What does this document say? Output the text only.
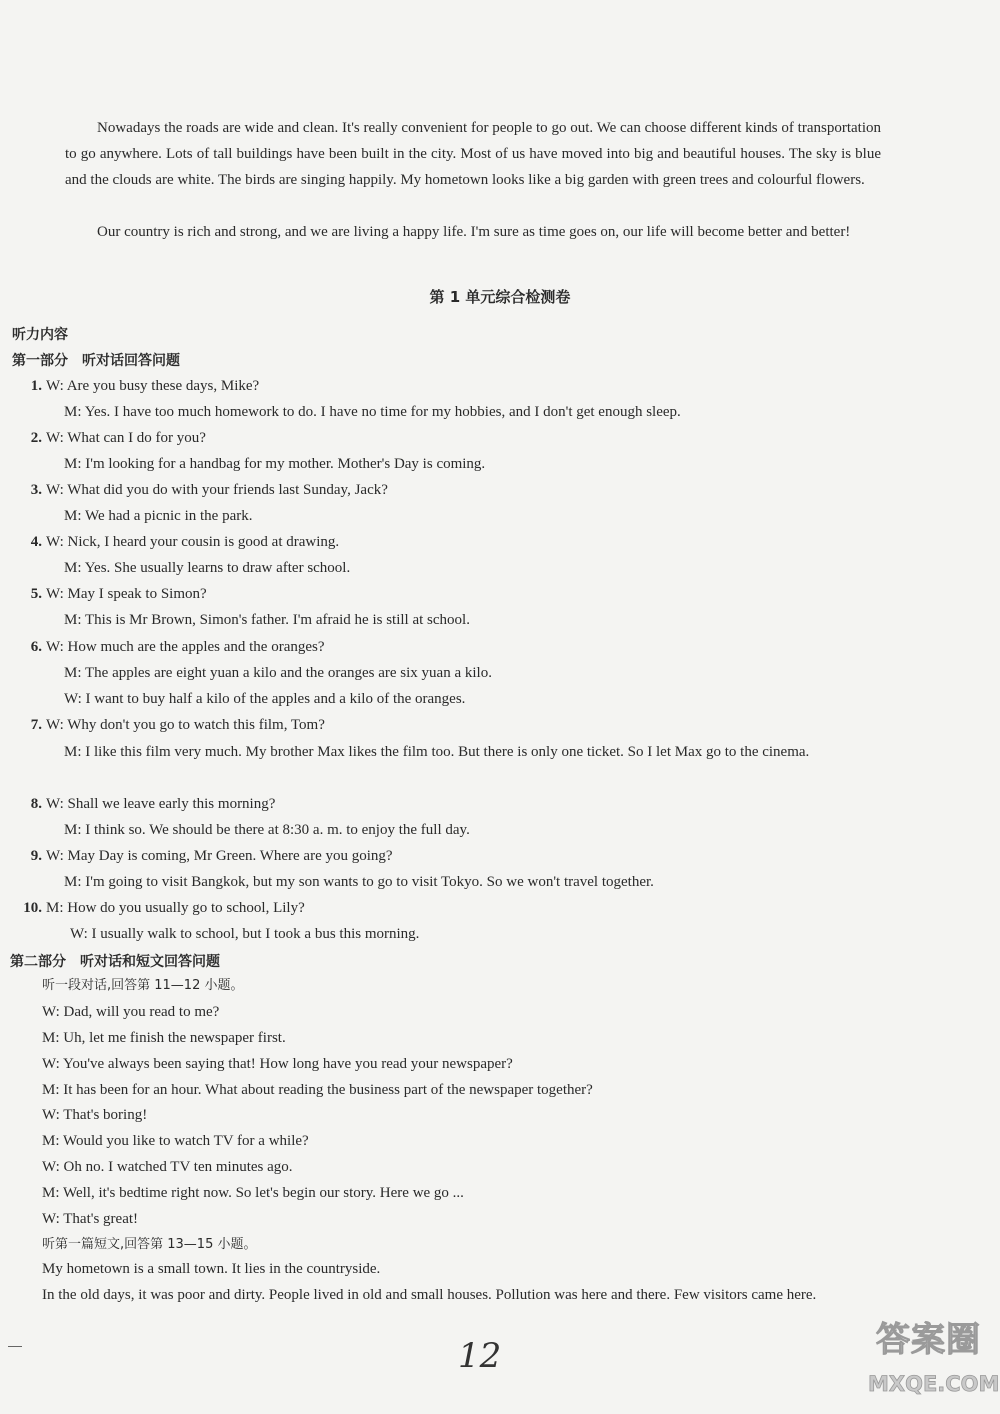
Nowadays the roads are wide and clean. It's really convenient for people to go out. We can choose different kinds of transportation to go anywhere. Lots of tall buildings have been built in the city. Most of us have moved into big and beautiful houses. The sky is blue and the clouds are white. The birds are singing happily. My hometown looks like a big garden with green trees and colourful flowers.

Our country is rich and strong, and we are living a happy life. I'm sure as time goes on, our life will become better and better!

第 1 单元综合检测卷

听力内容

第一部分 听对话回答问题

1. W: Are you busy these days, Mike?

M: Yes. I have too much homework to do. I have no time for my hobbies, and I don't get enough sleep.

2. W: What can I do for you?

M: I'm looking for a handbag for my mother. Mother's Day is coming.

3. W: What did you do with your friends last Sunday, Jack?

M: We had a picnic in the park.

4. W: Nick, I heard your cousin is good at drawing.

M: Yes. She usually learns to draw after school.

5. W: May I speak to Simon?

M: This is Mr Brown, Simon's father. I'm afraid he is still at school.

6. W: How much are the apples and the oranges?

M: The apples are eight yuan a kilo and the oranges are six yuan a kilo.

W: I want to buy half a kilo of the apples and a kilo of the oranges.

7. W: Why don't you go to watch this film, Tom?

M: I like this film very much. My brother Max likes the film too. But there is only one ticket. So I let Max go to the cinema.

8. W: Shall we leave early this morning?

M: I think so. We should be there at 8:30 a. m. to enjoy the full day.

9. W: May Day is coming, Mr Green. Where are you going?

M: I'm going to visit Bangkok, but my son wants to go to visit Tokyo. So we won't travel together.

10. M: How do you usually go to school, Lily?

W: I usually walk to school, but I took a bus this morning.

第二部分 听对话和短文回答问题

听一段对话,回答第 11—12 小题。

W: Dad, will you read to me?

M: Uh, let me finish the newspaper first.

W: You've always been saying that! How long have you read your newspaper?

M: It has been for an hour. What about reading the business part of the newspaper together?

W: That's boring!

M: Would you like to watch TV for a while?

W: Oh no. I watched TV ten minutes ago.

M: Well, it's bedtime right now. So let's begin our story. Here we go ...

W: That's great!

听第一篇短文,回答第 13—15 小题。

My hometown is a small town. It lies in the countryside.

In the old days, it was poor and dirty. People lived in old and small houses. Pollution was here and there. Few visitors came here.

12	答案圈
MXQE.COM
